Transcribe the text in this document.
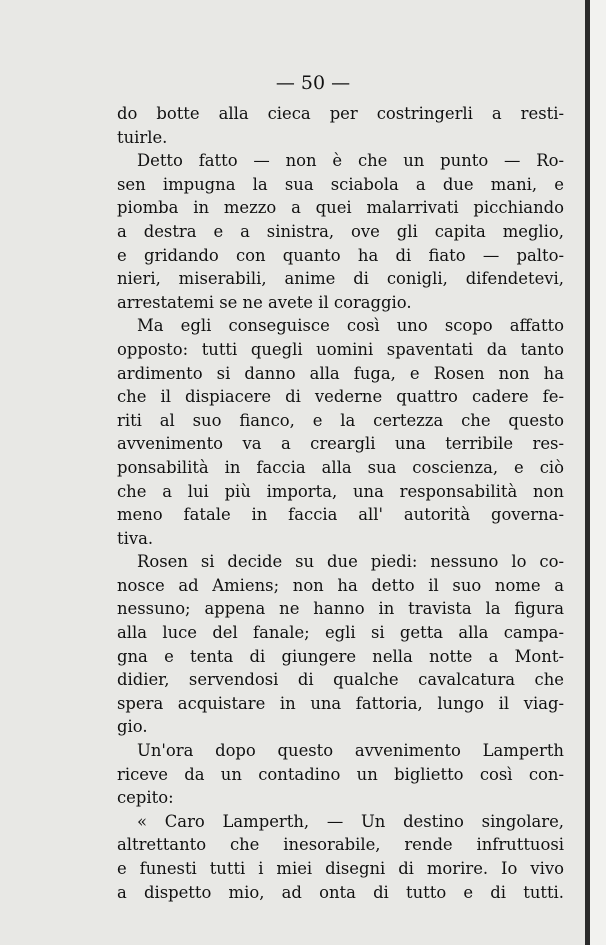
— 50 —
do botte alla cieca per costringerli a resti-
tuirle.
Detto fatto — non è che un punto — Ro-
sen impugna la sua sciabola a due mani, e
piomba in mezzo a quei malarrivati picchiando
a destra e a sinistra, ove gli capita meglio,
e gridando con quanto ha di fiato — palto-
nieri, miserabili, anime di conigli, difendetevi,
arrestatemi se ne avete il coraggio.
Ma egli conseguisce così uno scopo affatto
opposto: tutti quegli uomini spaventati da tanto
ardimento si danno alla fuga, e Rosen non ha
che il dispiacere di vederne quattro cadere fe-
riti al suo fianco, e la certezza che questo
avvenimento va a creargli una terribile res-
ponsabilità in faccia alla sua coscienza, e ciò
che a lui più importa, una responsabilità non
meno fatale in faccia all' autorità governa-
tiva.
Rosen si decide su due piedi: nessuno lo co-
nosce ad Amiens; non ha detto il suo nome a
nessuno; appena ne hanno in travista la figura
alla luce del fanale; egli si getta alla campa-
gna e tenta di giungere nella notte a Mont-
didier, servendosi di qualche cavalcatura che
spera acquistare in una fattoria, lungo il viag-
gio.
Un'ora dopo questo avvenimento Lamperth
riceve da un contadino un biglietto così con-
cepito:
« Caro Lamperth, — Un destino singolare,
altrettanto che inesorabile, rende infruttuosi
e funesti tutti i miei disegni di morire. Io vivo
a dispetto mio, ad onta di tutto e di tutti.
